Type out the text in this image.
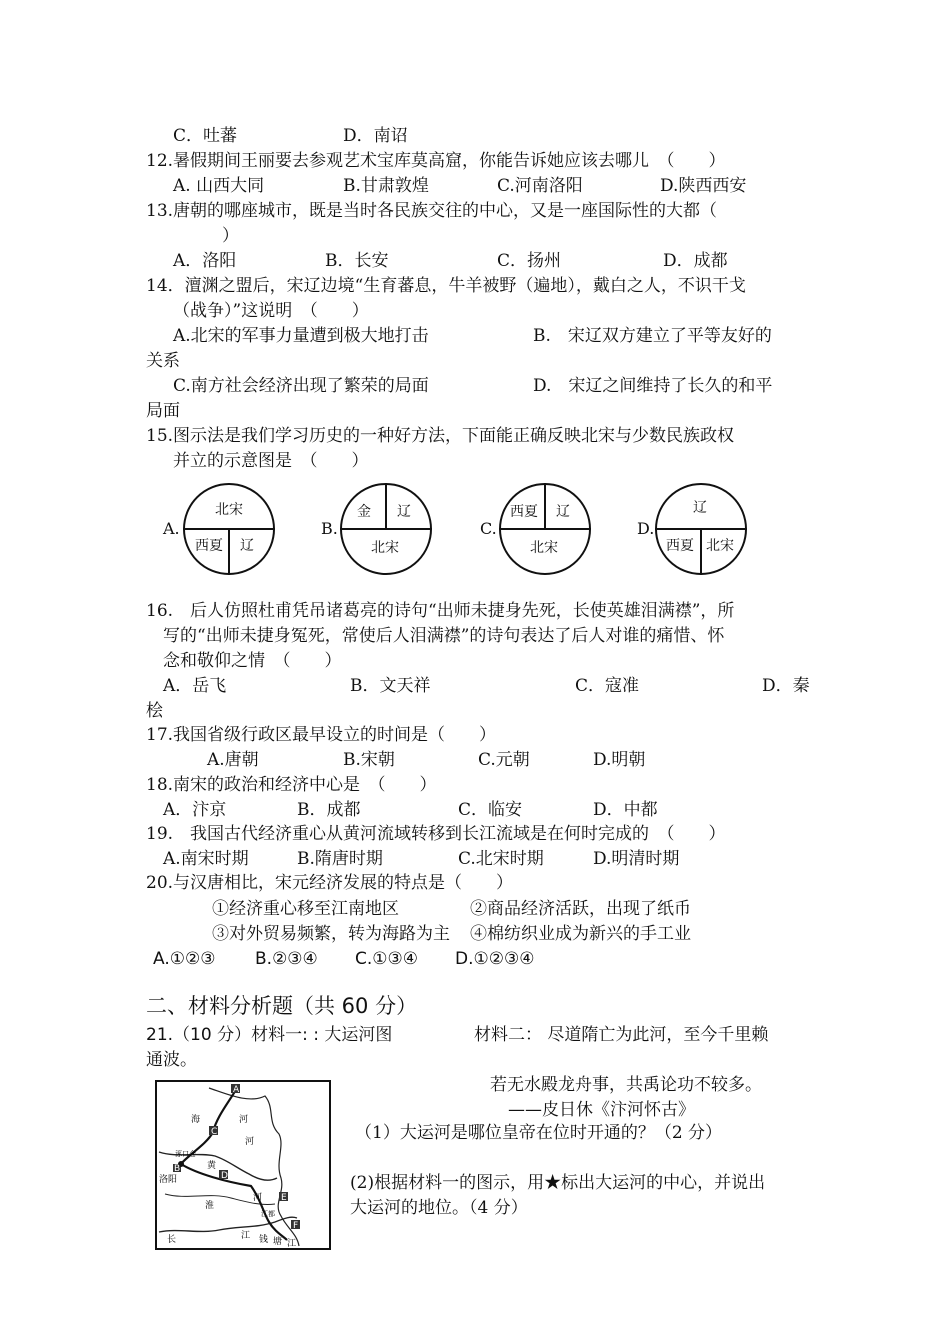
C．吐蕃	D．南诏
12.暑假期间王丽要去参观艺术宝库莫高窟，你能告诉她应该去哪儿　（　　）
A. 山西大同	B.甘肃敦煌	C.河南洛阳	D.陕西西安
13.唐朝的哪座城市，既是当时各民族交往的中心，又是一座国际性的大都（
）
A．洛阳	B．长安	C．扬州	D．成都
14．澶渊之盟后，宋辽边境“生育蕃息，牛羊被野（遍地），戴白之人，不识干戈
（战争）”这说明　（　　）
A.北宋的军事力量遭到极大地打击	B.　宋辽双方建立了平等友好的
关系
C.南方社会经济出现了繁荣的局面	D.　宋辽之间维持了长久的和平
局面
15.图示法是我们学习历史的一种好方法，下面能正确反映北宋与少数民族政权
并立的示意图是　（　　）
A.
北宋
西夏 辽
B.
金 辽
北宋
C.
西夏 辽
北宋
D.
辽
西夏 北宋
16.　后人仿照杜甫凭吊诸葛亮的诗句“出师未捷身先死，长使英雄泪满襟”，所
写的“出师未捷身冤死，常使后人泪满襟”的诗句表达了后人对谁的痛惜、怀
念和敬仰之情　（　　）
A．岳飞	B．文天祥	C．寇准	D．秦
桧
17.我国省级行政区最早设立的时间是（　　）
A.唐朝	B.宋朝	C.元朝	D.明朝
18.南宋的政治和经济中心是　（　　）
A．汴京	B．成都	C．临安	D．中都
19.　我国古代经济重心从黄河流域转移到长江流域是在何时完成的　（　　）
A.南宋时期	B.隋唐时期	C.北宋时期	D.明清时期
20.与汉唐相比，宋元经济发展的特点是（　　）
①经济重心移至江南地区	②商品经济活跃，出现了纸币
③对外贸易频繁，转为海路为主 ④棉纺织业成为新兴的手工业
A.①②③ B.②③④ C.①③④ D.①②③④
二、材料分析题（共 60 分）
21.（10 分）材料一: : 大运河图	材料二： 尽道隋亡为此河，至今千里赖
通波。
若无水殿龙舟事，共禹论功不较多。
——皮日休《汴河怀古》
（1）大运河是哪位皇帝在位时开通的？（2 分）
(2)根据材料一的图示，用★标出大运河的中心，并说出
大运河的地位。（4 分）
A
C
D
E
F
B
海	河
黄
河
洛阳
淮
河
长	江 钱 塘 江
涿口仓
江都
